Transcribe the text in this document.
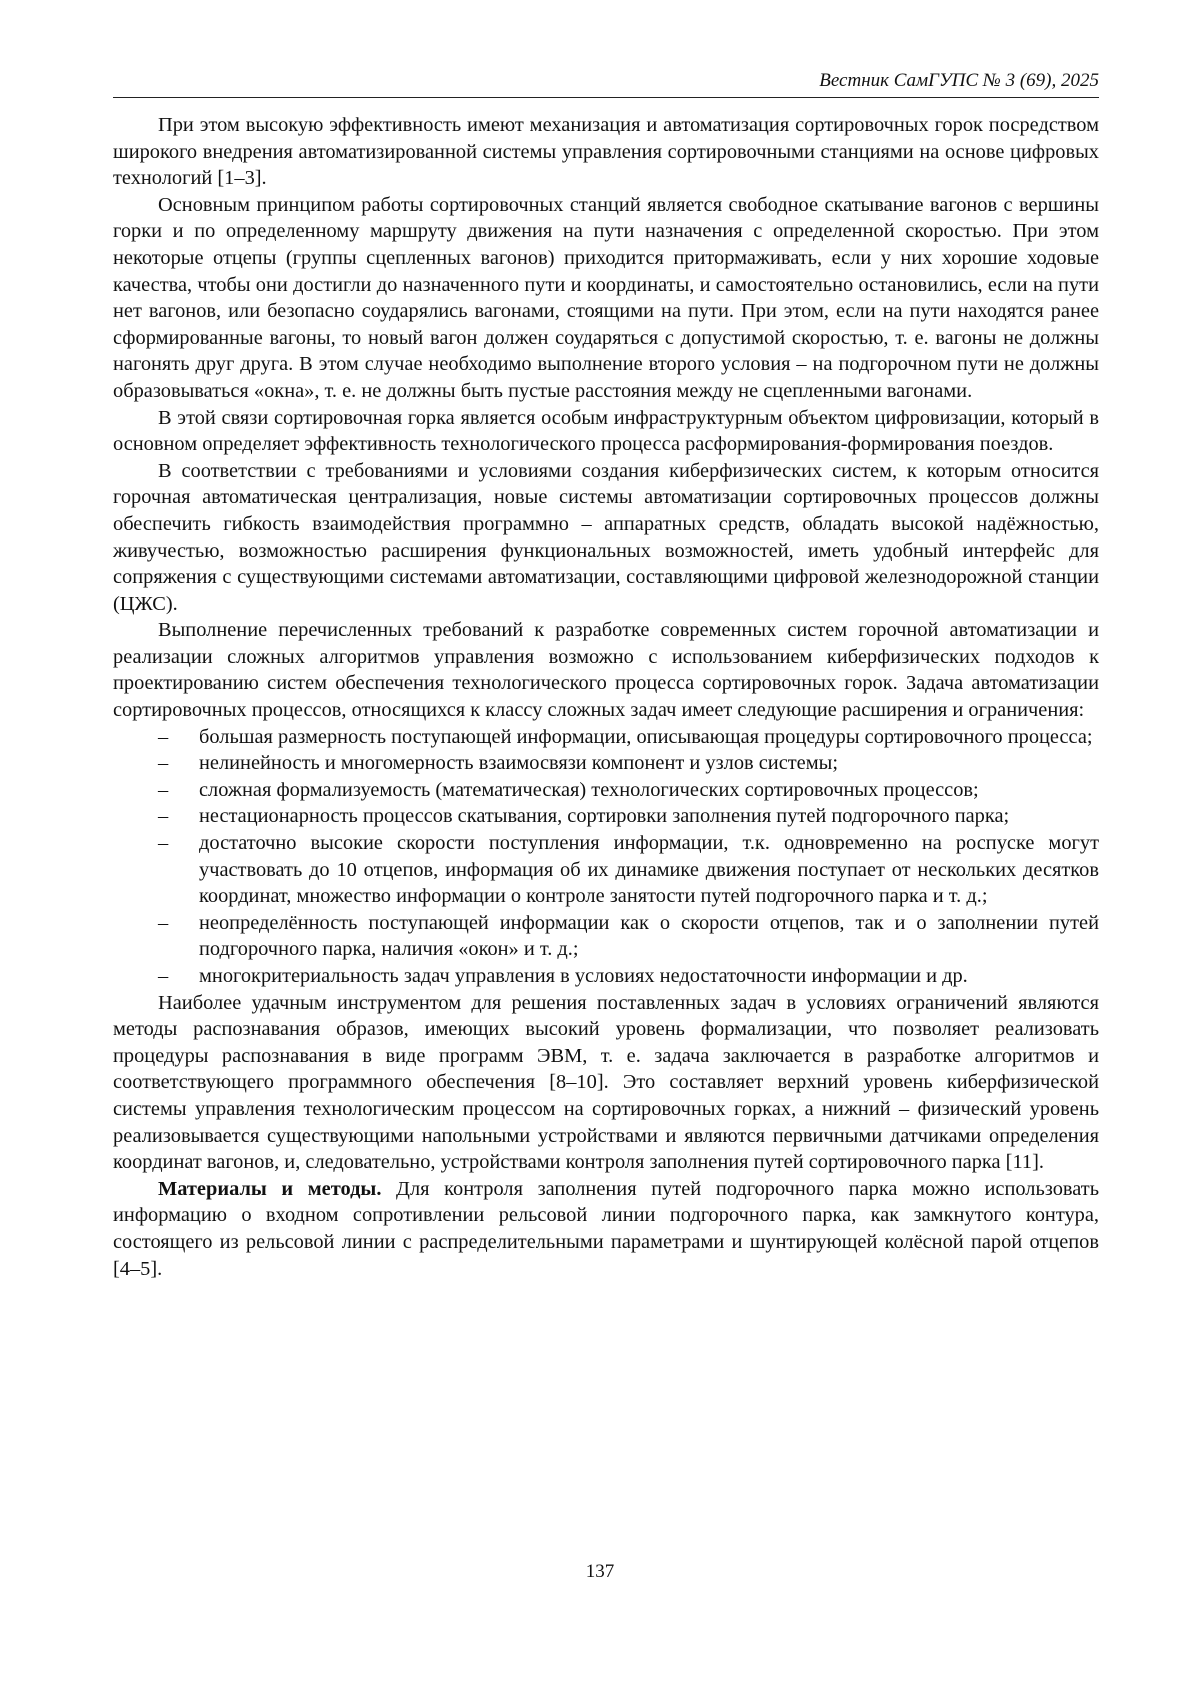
Вестник СамГУПС № 3 (69), 2025

При этом высокую эффективность имеют механизация и автоматизация сортировочных горок посредством широкого внедрения автоматизированной системы управления сортировочными станциями на основе цифровых технологий [1–3].

Основным принципом работы сортировочных станций является свободное скатывание вагонов с вершины горки и по определенному маршруту движения на пути назначения с определенной скоростью. При этом некоторые отцепы (группы сцепленных вагонов) приходится притормаживать, если у них хорошие ходовые качества, чтобы они достигли до назначенного пути и координаты, и самостоятельно остановились, если на пути нет вагонов, или безопасно соударялись вагонами, стоящими на пути. При этом, если на пути находятся ранее сформированные вагоны, то новый вагон должен соударяться с допустимой скоростью, т. е. вагоны не должны нагонять друг друга. В этом случае необходимо выполнение второго условия – на подгорочном пути не должны образовываться «окна», т. е. не должны быть пустые расстояния между не сцепленными вагонами.

В этой связи сортировочная горка является особым инфраструктурным объектом цифровизации, который в основном определяет эффективность технологического процесса расформирования-формирования поездов.

В соответствии с требованиями и условиями создания киберфизических систем, к которым относится горочная автоматическая централизация, новые системы автоматизации сортировочных процессов должны обеспечить гибкость взаимодействия программно – аппаратных средств, обладать высокой надёжностью, живучестью, возможностью расширения функциональных возможностей, иметь удобный интерфейс для сопряжения с существующими системами автоматизации, составляющими цифровой железнодорожной станции (ЦЖС).

Выполнение перечисленных требований к разработке современных систем горочной автоматизации и реализации сложных алгоритмов управления возможно с использованием киберфизических подходов к проектированию систем обеспечения технологического процесса сортировочных горок. Задача автоматизации сортировочных процессов, относящихся к классу сложных задач имеет следующие расширения и ограничения:

– большая размерность поступающей информации, описывающая процедуры сортировочного процесса;
– нелинейность и многомерность взаимосвязи компонент и узлов системы;
– сложная формализуемость (математическая) технологических сортировочных процессов;
– нестационарность процессов скатывания, сортировки заполнения путей подгорочного парка;
– достаточно высокие скорости поступления информации, т.к. одновременно на роспуске могут участвовать до 10 отцепов, информация об их динамике движения поступает от нескольких десятков координат, множество информации о контроле занятости путей подгорочного парка и т. д.;
– неопределённость поступающей информации как о скорости отцепов, так и о заполнении путей подгорочного парка, наличия «окон» и т. д.;
– многокритериальность задач управления в условиях недостаточности информации и др.

Наиболее удачным инструментом для решения поставленных задач в условиях ограничений являются методы распознавания образов, имеющих высокий уровень формализации, что позволяет реализовать процедуры распознавания в виде программ ЭВМ, т. е. задача заключается в разработке алгоритмов и соответствующего программного обеспечения [8–10]. Это составляет верхний уровень киберфизической системы управления технологическим процессом на сортировочных горках, а нижний – физический уровень реализовывается существующими напольными устройствами и являются первичными датчиками определения координат вагонов, и, следовательно, устройствами контроля заполнения путей сортировочного парка [11].

Материалы и методы. Для контроля заполнения путей подгорочного парка можно использовать информацию о входном сопротивлении рельсовой линии подгорочного парка, как замкнутого контура, состоящего из рельсовой линии с распределительными параметрами и шунтирующей колёсной парой отцепов [4–5].

137
